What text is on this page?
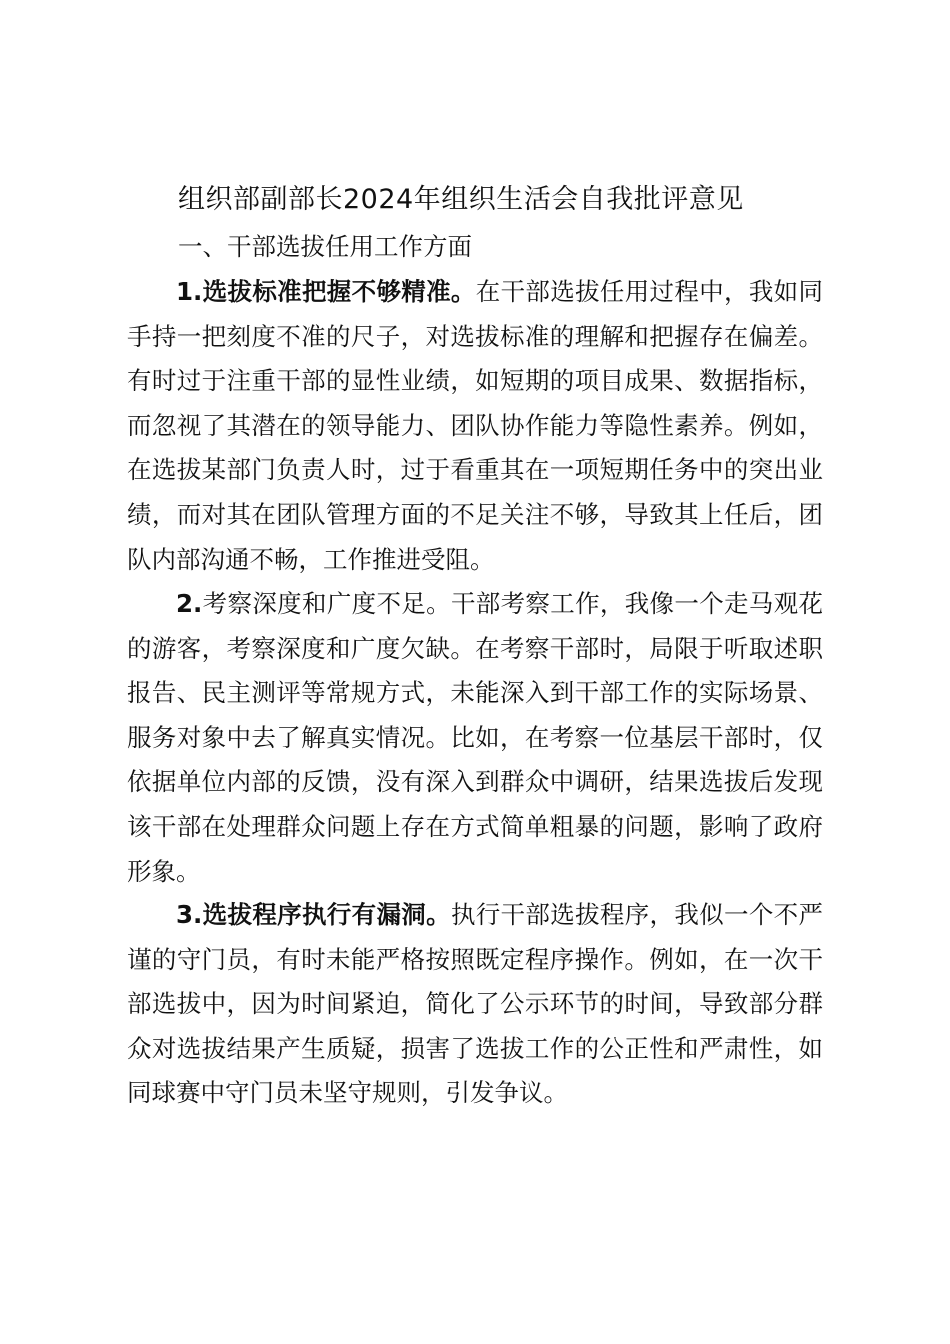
组织部副部长2024年组织生活会自我批评意见
一、干部选拔任用工作方面

1.选拔标准把握不够精准。在干部选拔任用过程中，我如同手持一把刻度不准的尺子，对选拔标准的理解和把握存在偏差。有时过于注重干部的显性业绩，如短期的项目成果、数据指标，而忽视了其潜在的领导能力、团队协作能力等隐性素养。例如，在选拔某部门负责人时，过于看重其在一项短期任务中的突出业绩，而对其在团队管理方面的不足关注不够，导致其上任后，团队内部沟通不畅，工作推进受阻。

2.考察深度和广度不足。干部考察工作，我像一个走马观花的游客，考察深度和广度欠缺。在考察干部时，局限于听取述职报告、民主测评等常规方式，未能深入到干部工作的实际场景、服务对象中去了解真实情况。比如，在考察一位基层干部时，仅依据单位内部的反馈，没有深入到群众中调研，结果选拔后发现该干部在处理群众问题上存在方式简单粗暴的问题，影响了政府形象。

3.选拔程序执行有漏洞。执行干部选拔程序，我似一个不严谨的守门员，有时未能严格按照既定程序操作。例如，在一次干部选拔中，因为时间紧迫，简化了公示环节的时间，导致部分群众对选拔结果产生质疑，损害了选拔工作的公正性和严肃性，如同球赛中守门员未坚守规则，引发争议。
